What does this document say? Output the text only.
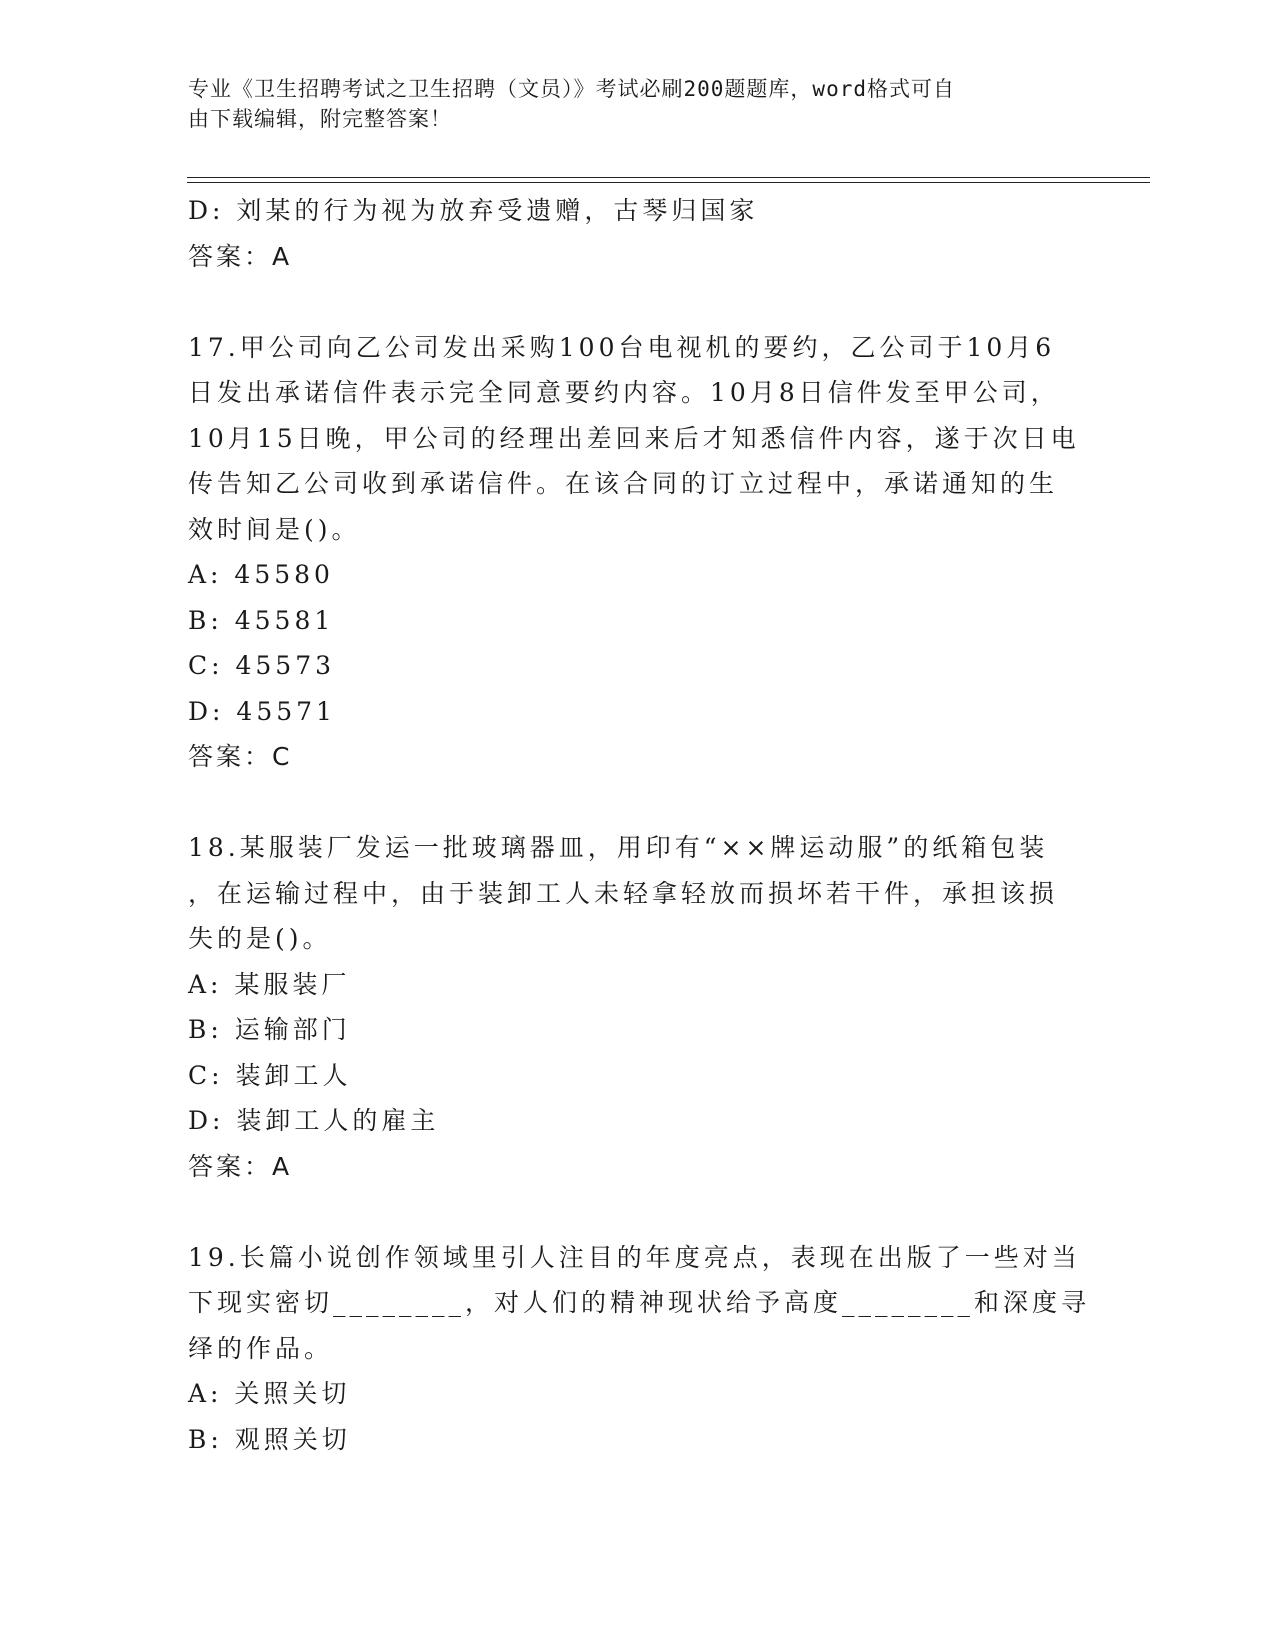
专业《卫生招聘考试之卫生招聘（文员）》考试必刷200题题库，word格式可自
由下载编辑，附完整答案！
D: 刘某的行为视为放弃受遗赠，古琴归国家
答案：A
17.甲公司向乙公司发出采购100台电视机的要约，乙公司于10月6
日发出承诺信件表示完全同意要约内容。10月8日信件发至甲公司，
10月15日晚，甲公司的经理出差回来后才知悉信件内容，遂于次日电
传告知乙公司收到承诺信件。在该合同的订立过程中，承诺通知的生
效时间是()。
A: 45580
B: 45581
C: 45573
D: 45571
答案：C
18.某服装厂发运一批玻璃器皿，用印有“××牌运动服”的纸箱包装
，在运输过程中，由于装卸工人未轻拿轻放而损坏若干件，承担该损
失的是()。
A: 某服装厂
B: 运输部门
C: 装卸工人
D: 装卸工人的雇主
答案：A
19.长篇小说创作领域里引人注目的年度亮点，表现在出版了一些对当
下现实密切________，对人们的精神现状给予高度________和深度寻
绎的作品。
A: 关照关切
B: 观照关切
